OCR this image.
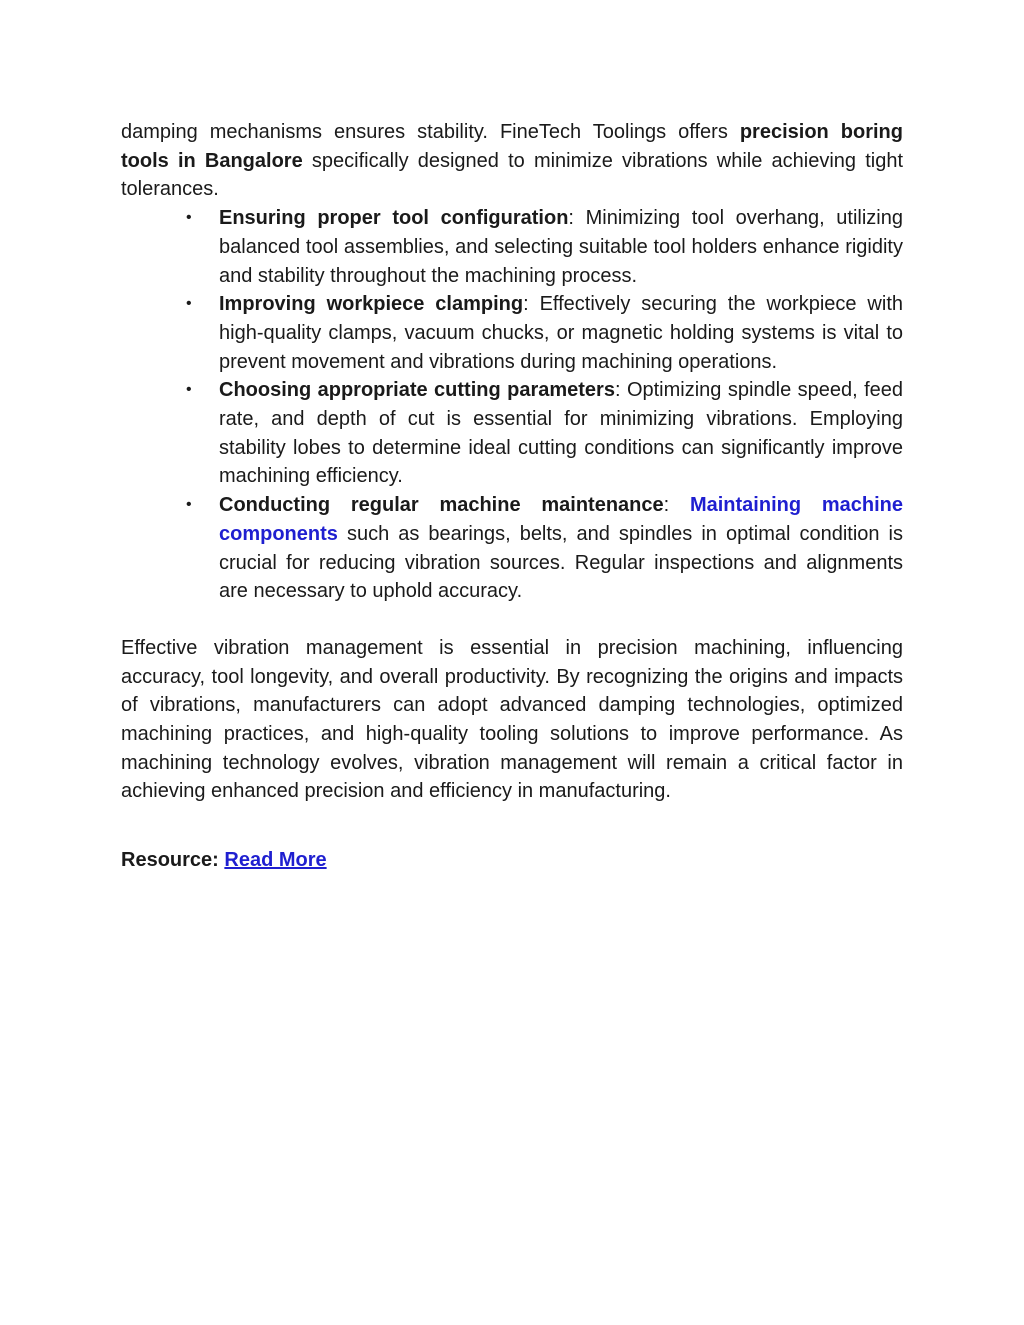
damping mechanisms ensures stability. FineTech Toolings offers precision boring tools in Bangalore specifically designed to minimize vibrations while achieving tight tolerances.

• Ensuring proper tool configuration: Minimizing tool overhang, utilizing balanced tool assemblies, and selecting suitable tool holders enhance rigidity and stability throughout the machining process.
• Improving workpiece clamping: Effectively securing the workpiece with high-quality clamps, vacuum chucks, or magnetic holding systems is vital to prevent movement and vibrations during machining operations.
• Choosing appropriate cutting parameters: Optimizing spindle speed, feed rate, and depth of cut is essential for minimizing vibrations. Employing stability lobes to determine ideal cutting conditions can significantly improve machining efficiency.
• Conducting regular machine maintenance: Maintaining machine components such as bearings, belts, and spindles in optimal condition is crucial for reducing vibration sources. Regular inspections and alignments are necessary to uphold accuracy.

Effective vibration management is essential in precision machining, influencing accuracy, tool longevity, and overall productivity. By recognizing the origins and impacts of vibrations, manufacturers can adopt advanced damping technologies, optimized machining practices, and high-quality tooling solutions to improve performance. As machining technology evolves, vibration management will remain a critical factor in achieving enhanced precision and efficiency in manufacturing.

Resource: Read More
